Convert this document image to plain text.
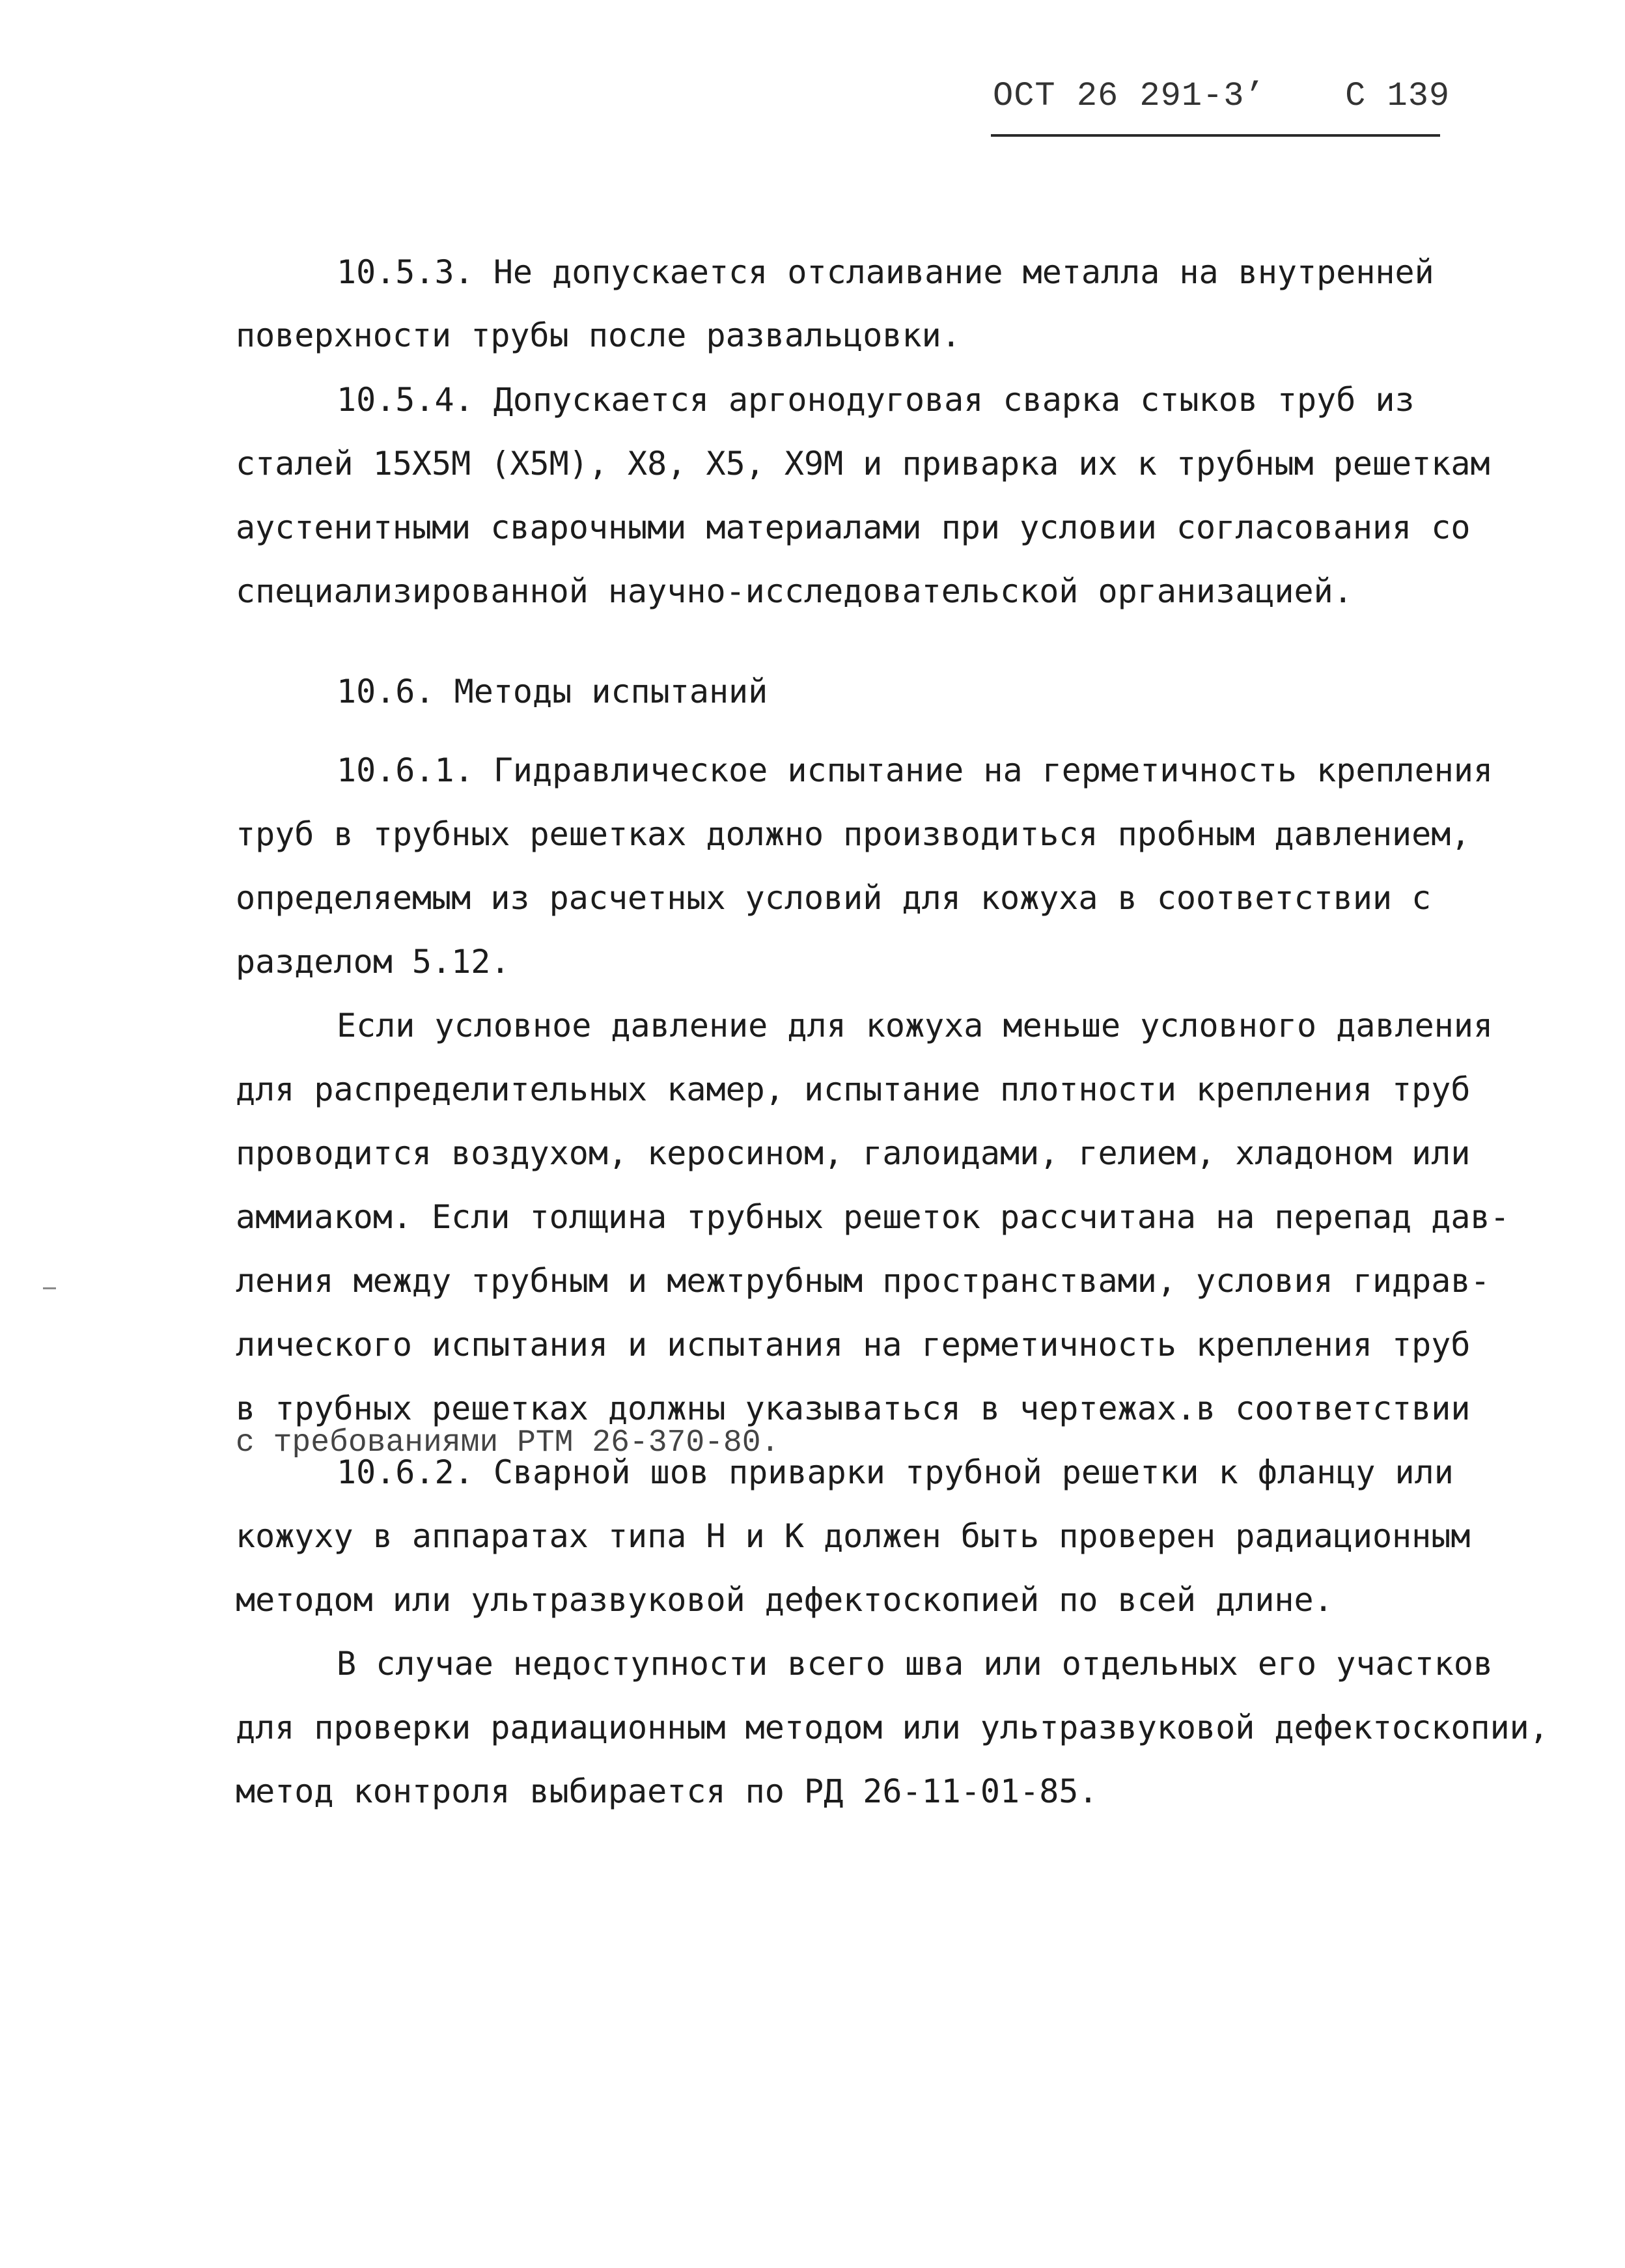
ОСТ 26 291-3’ С 139
10.5.3. Не допускается отслаивание металла на внутренней
поверхности трубы после развальцовки.
10.5.4. Допускается аргонодуговая сварка стыков труб из
сталей 15Х5М (Х5М), Х8, Х5, Х9М и приварка их к трубным решеткам
аустенитными сварочными материалами при условии согласования со
специализированной научно-исследовательской организацией.
10.6. Методы испытаний
10.6.1. Гидравлическое испытание на герметичность крепления
труб в трубных решетках должно производиться пробным давлением,
определяемым из расчетных условий для кожуха в соответствии с
разделом 5.12.
Если условное давление для кожуха меньше условного давления
для распределительных камер, испытание плотности крепления труб
проводится воздухом, керосином, галоидами, гелием, хладоном или
аммиаком. Если толщина трубных решеток рассчитана на перепад дав-
ления между трубным и межтрубным пространствами, условия гидрав-
лического испытания и испытания на герметичность крепления труб
в трубных решетках должны указываться в чертежах.в соответствии
с требованиями РТМ 26-370-80.
10.6.2. Сварной шов приварки трубной решетки к фланцу или
кожуху в аппаратах типа Н и К должен быть проверен радиационным
методом или ультразвуковой дефектоскопией по всей длине.
В случае недоступности всего шва или отдельных его участков
для проверки радиационным методом или ультразвуковой дефектоскопии,
метод контроля выбирается по РД 26-11-01-85.
